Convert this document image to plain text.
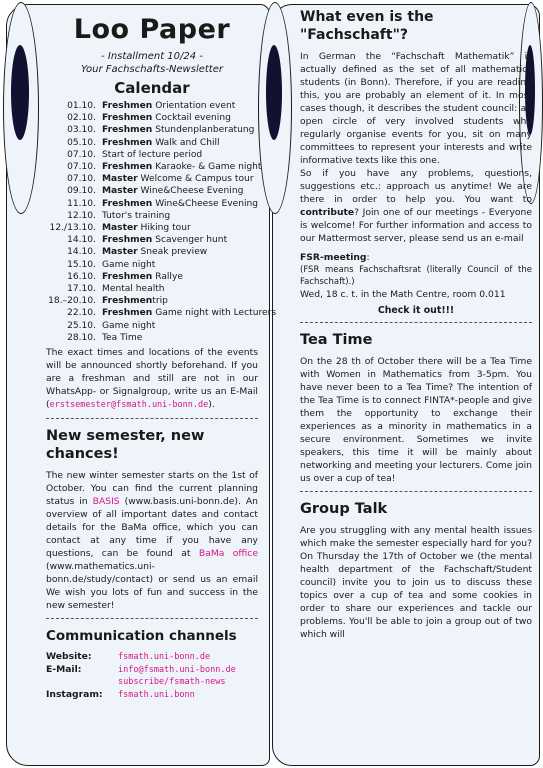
Loo Paper
- Installment 10/24 -
Your Fachschafts-Newsletter
Calendar
01.10. Freshmen Orientation event
02.10. Freshmen Cocktail evening
03.10. Freshmen Stundenplanberatung
05.10. Freshmen Walk and Chill
07.10. Start of lecture period
07.10. Freshmen Karaoke- & Game night
07.10. Master Welcome & Campus tour
09.10. Master Wine&Cheese Evening
11.10. Freshmen Wine&Cheese Evening
12.10. Tutor's training
12./13.10. Master Hiking tour
14.10. Freshmen Scavenger hunt
14.10. Master Sneak preview
15.10. Game night
16.10. Freshmen Rallye
17.10. Mental health
18.–20.10. Freshmentrip
22.10. Freshmen Game night with Lecturers
25.10. Game night
28.10. Tea Time

The exact times and locations of the events will be announced shortly beforehand. If you are a freshman and still are not in our WhatsApp- or Signalgroup, write us an E-Mail (erstsemester@fsmath.uni-bonn.de).

New semester, new chances!

The new winter semester starts on the 1st of October. You can find the current planning status in BASIS (www.basis.uni-bonn.de). An overview of all important dates and contact details for the BaMa office, which you can contact at any time if you have any questions, can be found at BaMa office (www.mathematics.uni-bonn.de/study/contact) or send us an email We wish you lots of fun and success in the new semester!

Communication channels
Website:	fsmath.uni-bonn.de
E-Mail:	info@fsmath.uni-bonn.de
subscribe/fsmath-news
Instagram:	fsmath.uni.bonn
What even is the "Fachschaft"?

In German the “Fachschaft Mathematik” is actually defined as the set of all mathematics students (in Bonn). Therefore, if you are reading this, you are probably an element of it. In most cases though, it describes the student council: an open circle of very involved students who regularly organise events for you, sit on many committees to represent your interests and write informative texts like this one.

So if you have any problems, questions, suggestions etc.: approach us anytime! We are there in order to help you. You want to contribute? Join one of our meetings - Everyone is welcome! For further information and access to our Mattermost server, please send us an e-mail

FSR-meeting:

(FSR means Fachschaftsrat (literally Council of the Fachschaft).)

Wed, 18 c. t. in the Math Centre, room 0.011

Check it out!!!
Tea Time

On the 28 th of October there will be a Tea Time with Women in Mathematics from 3-5pm. You have never been to a Tea Time? The intention of the Tea Time is to connect FINTA*-people and give them the opportunity to exchange their experiences as a minority in mathematics in a secure environment. Sometimes we invite speakers, this time it will be mainly about networking and meeting your lecturers. Come join us over a cup of tea!

Group Talk

Are you struggling with any mental health issues which make the semester especially hard for you? On Thursday the 17th of October we (the mental health department of the Fachschaft/Student council) invite you to join us to discuss these topics over a cup of tea and some cookies in order to share our experiences and tackle our problems. You'll be able to join a group out of two which will
